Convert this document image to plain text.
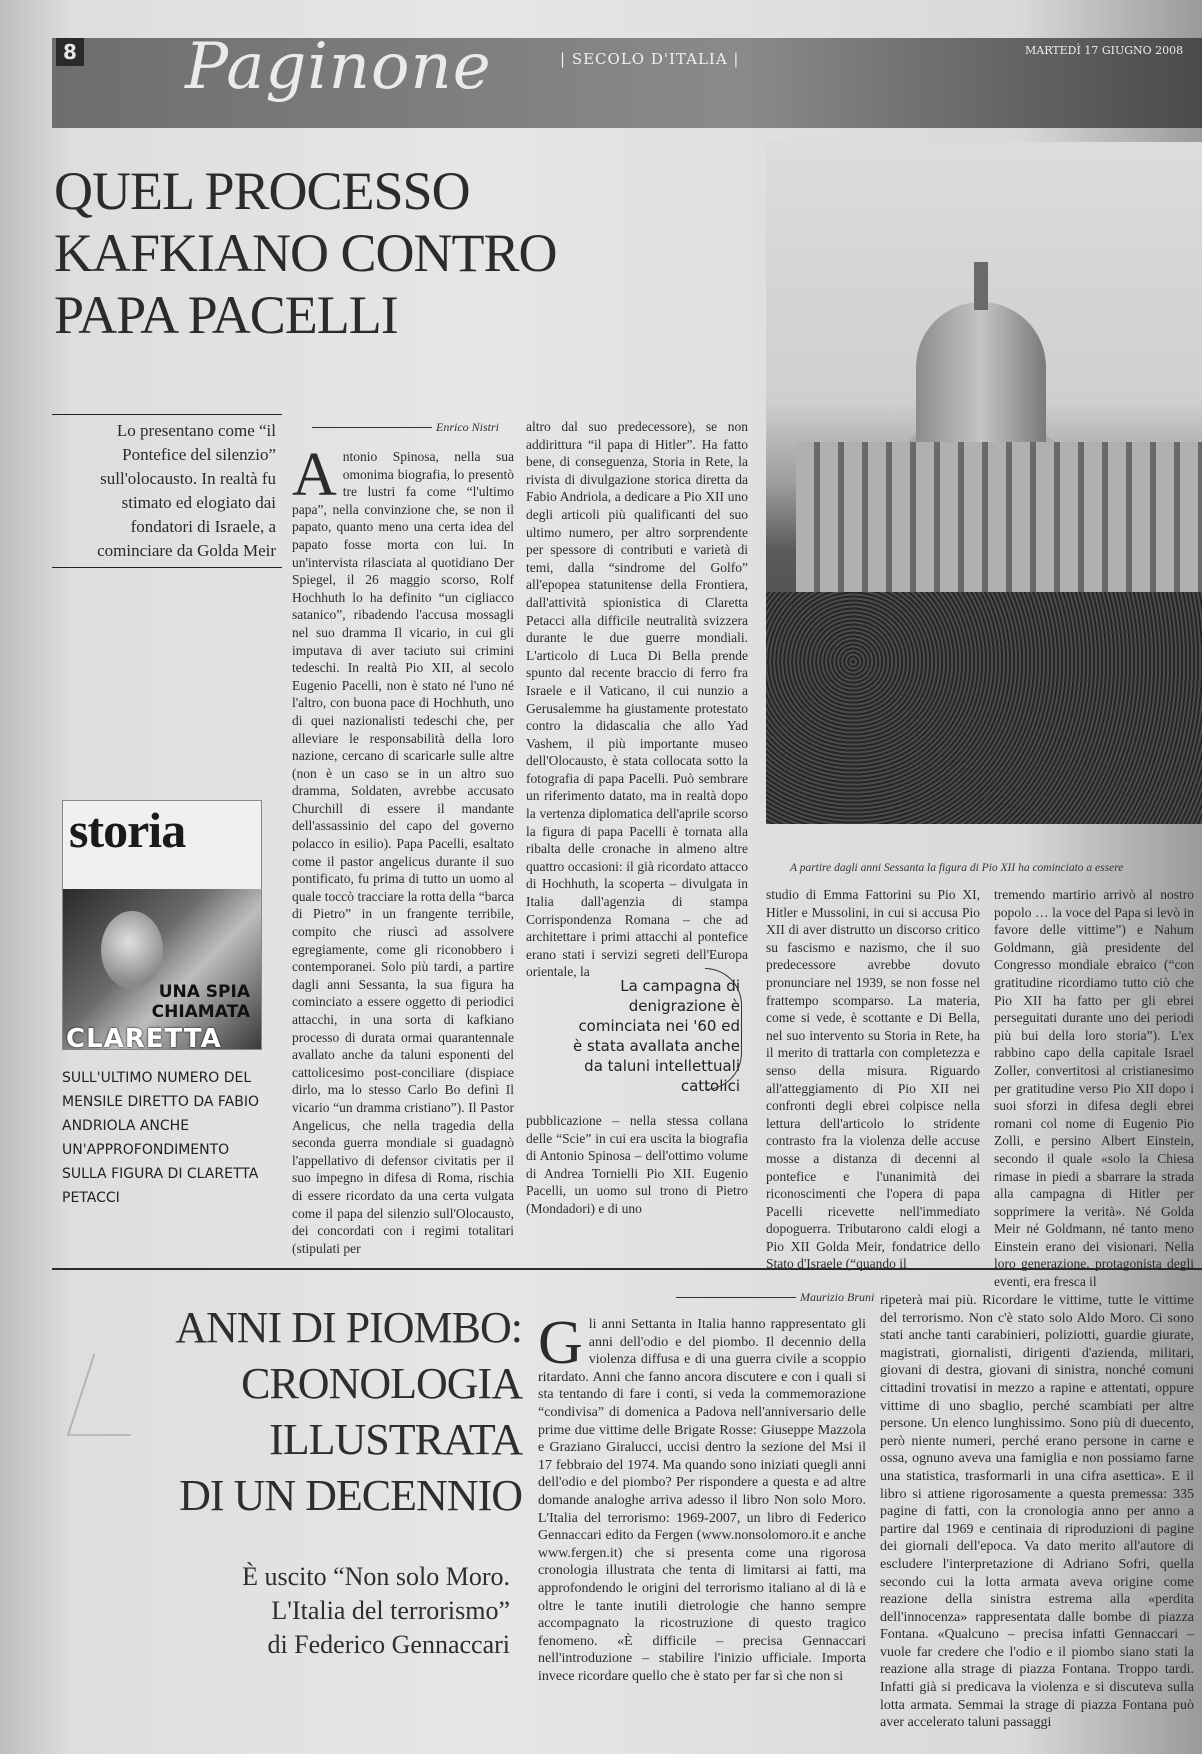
8 Paginone	| SECOLO D'ITALIA |	MARTEDÌ 17 GIUGNO 2008
QUEL PROCESSO
KAFKIANO CONTRO
PAPA PACELLI
Lo presentano come “il Pontefice del silenzio” sull'olocausto. In realtà fu stimato ed elogiato dai fondatori di Israele, a cominciare da Golda Meir
Enrico Nistri
A ntonio Spinosa, nella sua omonima biografia, lo presentò tre lustri fa come “l'ultimo papa”, nella convinzione che, se non il papato, quanto meno una certa idea del papato fosse morta con lui. In un'intervista rilasciata al quotidiano Der Spiegel, il 26 maggio scorso, Rolf Hochhuth lo ha definito “un cigliacco satanico”, ribadendo l'accusa mossagli nel suo dramma Il vicario, in cui gli imputava di aver taciuto sui crimini tedeschi. In realtà Pio XII, al secolo Eugenio Pacelli, non è stato né l'uno né l'altro, con buona pace di Hochhuth, uno di quei nazionalisti tedeschi che, per alleviare le responsabilità della loro nazione, cercano di scaricarle sulle altre (non è un caso se in un altro suo dramma, Soldaten, avrebbe accusato Churchill di essere il mandante dell'assassinio del capo del governo polacco in esilio). Papa Pacelli, esaltato come il pastor angelicus durante il suo pontificato, fu prima di tutto un uomo al quale toccò tracciare la rotta della “barca di Pietro” in un frangente terribile, compito che riuscì ad assolvere egregiamente, come gli riconobbero i contemporanei. Solo più tardi, a partire dagli anni Sessanta, la sua figura ha cominciato a essere oggetto di periodici attacchi, in una sorta di kafkiano processo di durata ormai quarantennale avallato anche da taluni esponenti del cattolicesimo post-conciliare (dispiace dirlo, ma lo stesso Carlo Bo definì Il vicario “un dramma cristiano”). Il Pastor Angelicus, che nella tragedia della seconda guerra mondiale si guadagnò l'appellativo di defensor civitatis per il suo impegno in difesa di Roma, rischia di essere ricordato da una certa vulgata come il papa del silenzio sull'Olocausto, dei concordati con i regimi totalitari (stipulati per
altro dal suo predecessore), se non addirittura “il papa di Hitler”. Ha fatto bene, di conseguenza, Storia in Rete, la rivista di divulgazione storica diretta da Fabio Andriola, a dedicare a Pio XII uno degli articoli più qualificanti del suo ultimo numero, per altro sorprendente per spessore di contributi e varietà di temi, dalla “sindrome del Golfo” all'epopea statunitense della Frontiera, dall'attività spionistica di Claretta Petacci alla difficile neutralità svizzera durante le due guerre mondiali. L'articolo di Luca Di Bella prende spunto dal recente braccio di ferro fra Israele e il Vaticano, il cui nunzio a Gerusalemme ha giustamente protestato contro la didascalia che allo Yad Vashem, il più importante museo dell'Olocausto, è stata collocata sotto la fotografia di papa Pacelli. Può sembrare un riferimento datato, ma in realtà dopo la vertenza diplomatica dell'aprile scorso la figura di papa Pacelli è tornata alla ribalta delle cronache in almeno altre quattro occasioni: il già ricordato attacco di Hochhuth, la scoperta – divulgata in Italia dall'agenzia di stampa Corrispondenza Romana – che ad architettare i primi attacchi al pontefice erano stati i servizi segreti dell'Europa orientale, la
La campagna di denigrazione è cominciata nei '60 ed è stata avallata anche da taluni intellettuali cattolici
pubblicazione – nella stessa collana delle “Scie” in cui era uscita la biografia di Antonio Spinosa – dell'ottimo volume di Andrea Tornielli Pio XII. Eugenio Pacelli, un uomo sul trono di Pietro (Mondadori) e di uno
A partire dagli anni Sessanta la figura di Pio XII ha cominciato a essere
studio di Emma Fattorini su Pio XI, Hitler e Mussolini, in cui si accusa Pio XII di aver distrutto un discorso critico su fascismo e nazismo, che il suo predecessore avrebbe dovuto pronunciare nel 1939, se non fosse nel frattempo scomparso. La materia, come si vede, è scottante e Di Bella, nel suo intervento su Storia in Rete, ha il merito di trattarla con completezza e senso della misura. Riguardo all'atteggiamento di Pio XII nei confronti degli ebrei colpisce nella lettura dell'articolo lo stridente contrasto fra la violenza delle accuse mosse a distanza di decenni al pontefice e l'unanimità dei riconoscimenti che l'opera di papa Pacelli ricevette nell'immediato dopoguerra. Tributarono caldi elogi a Pio XII Golda Meir, fondatrice dello Stato d'Israele (“quando il
tremendo martirio arrivò al nostro popolo … la voce del Papa si levò in favore delle vittime”) e Nahum Goldmann, già presidente del Congresso mondiale ebraico (“con gratitudine ricordiamo tutto ciò che Pio XII ha fatto per gli ebrei perseguitati durante uno dei periodi più bui della loro storia”). L'ex rabbino capo della capitale Israel Zoller, convertitosi al cristianesimo per gratitudine verso Pio XII dopo i suoi sforzi in difesa degli ebrei romani col nome di Eugenio Pio Zolli, e persino Albert Einstein, secondo il quale «solo la Chiesa rimase in piedi a sbarrare la strada alla campagna di Hitler per sopprimere la verità». Né Golda Meir né Goldmann, né tanto meno Einstein erano dei visionari. Nella loro generazione, protagonista degli eventi, era fresca il
storia
UNA SPIA
CHIAMATA
CLARETTA
SULL'ULTIMO NUMERO DEL MENSILE DIRETTO DA FABIO ANDRIOLA ANCHE UN'APPROFONDIMENTO SULLA FIGURA DI CLARETTA PETACCI
ANNI DI PIOMBO:
CRONOLOGIA
ILLUSTRATA
DI UN DECENNIO
È uscito “Non solo Moro.
L'Italia del terrorismo”
di Federico Gennaccari
Maurizio Bruni
G li anni Settanta in Italia hanno rappresentato gli anni dell'odio e del piombo. Il decennio della violenza diffusa e di una guerra civile a scoppio ritardato. Anni che fanno ancora discutere e con i quali si sta tentando di fare i conti, si veda la commemorazione “condivisa” di domenica a Padova nell'anniversario delle prime due vittime delle Brigate Rosse: Giuseppe Mazzola e Graziano Giralucci, uccisi dentro la sezione del Msi il 17 febbraio del 1974. Ma quando sono iniziati quegli anni dell'odio e del piombo? Per rispondere a questa e ad altre domande analoghe arriva adesso il libro Non solo Moro. L'Italia del terrorismo: 1969-2007, un libro di Federico Gennaccari edito da Fergen (www.nonsolomoro.it e anche www.fergen.it) che si presenta come una rigorosa cronologia illustrata che tenta di limitarsi ai fatti, ma approfondendo le origini del terrorismo italiano al di là e oltre le tante inutili dietrologie che hanno sempre accompagnato la ricostruzione di questo tragico fenomeno. «È difficile – precisa Gennaccari nell'introduzione – stabilire l'inizio ufficiale. Importa invece ricordare quello che è stato per far sì che non si
ripeterà mai più. Ricordare le vittime, tutte le vittime del terrorismo. Non c'è stato solo Aldo Moro. Ci sono stati anche tanti carabinieri, poliziotti, guardie giurate, magistrati, giornalisti, dirigenti d'azienda, militari, giovani di destra, giovani di sinistra, nonché comuni cittadini trovatisi in mezzo a rapine e attentati, oppure vittime di uno sbaglio, perché scambiati per altre persone. Un elenco lunghissimo. Sono più di duecento, però niente numeri, perché erano persone in carne e ossa, ognuno aveva una famiglia e non possiamo farne una statistica, trasformarli in una cifra asettica». E il libro si attiene rigorosamente a questa premessa: 335 pagine di fatti, con la cronologia anno per anno a partire dal 1969 e centinaia di riproduzioni di pagine dei giornali dell'epoca. Va dato merito all'autore di escludere l'interpretazione di Adriano Sofri, quella secondo cui la lotta armata aveva origine come reazione della sinistra estrema alla «perdita dell'innocenza» rappresentata dalle bombe di piazza Fontana. «Qualcuno – precisa infatti Gennaccari – vuole far credere che l'odio e il piombo siano stati la reazione alla strage di piazza Fontana. Troppo tardi. Infatti già si predicava la violenza e si discuteva sulla lotta armata. Semmai la strage di piazza Fontana può aver accelerato taluni passaggi
